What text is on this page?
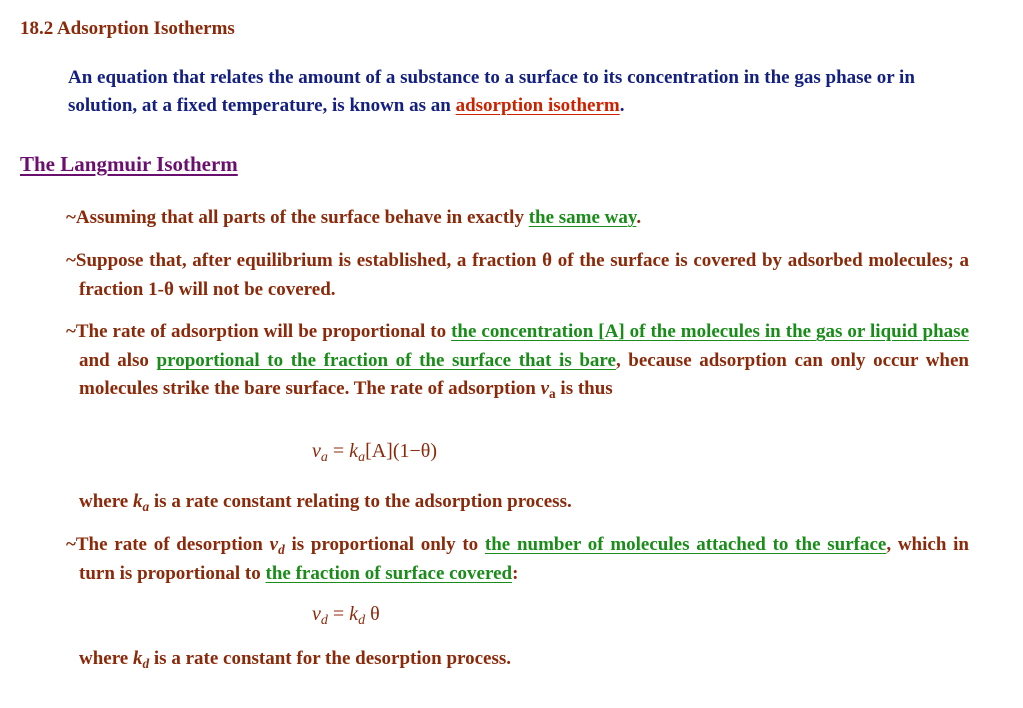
18.2 Adsorption Isotherms
An equation that relates the amount of a substance to a surface to its concentration in the gas phase or in solution, at a fixed temperature, is known as an adsorption isotherm.
The Langmuir Isotherm
~Assuming that all parts of the surface behave in exactly the same way.
~Suppose that, after equilibrium is established, a fraction θ of the surface is covered by adsorbed molecules; a fraction 1-θ will not be covered.
~The rate of adsorption will be proportional to the concentration [A] of the molecules in the gas or liquid phase and also proportional to the fraction of the surface that is bare, because adsorption can only occur when molecules strike the bare surface. The rate of adsorption $v_a$ is thus
$v_a = k_a[A](1-\theta)$
where $k_a$ is a rate constant relating to the adsorption process.
~The rate of desorption $v_d$ is proportional only to the number of molecules attached to the surface, which in turn is proportional to the fraction of surface covered:
$v_d = k_d$ θ
where $k_d$ is a rate constant for the desorption process.
